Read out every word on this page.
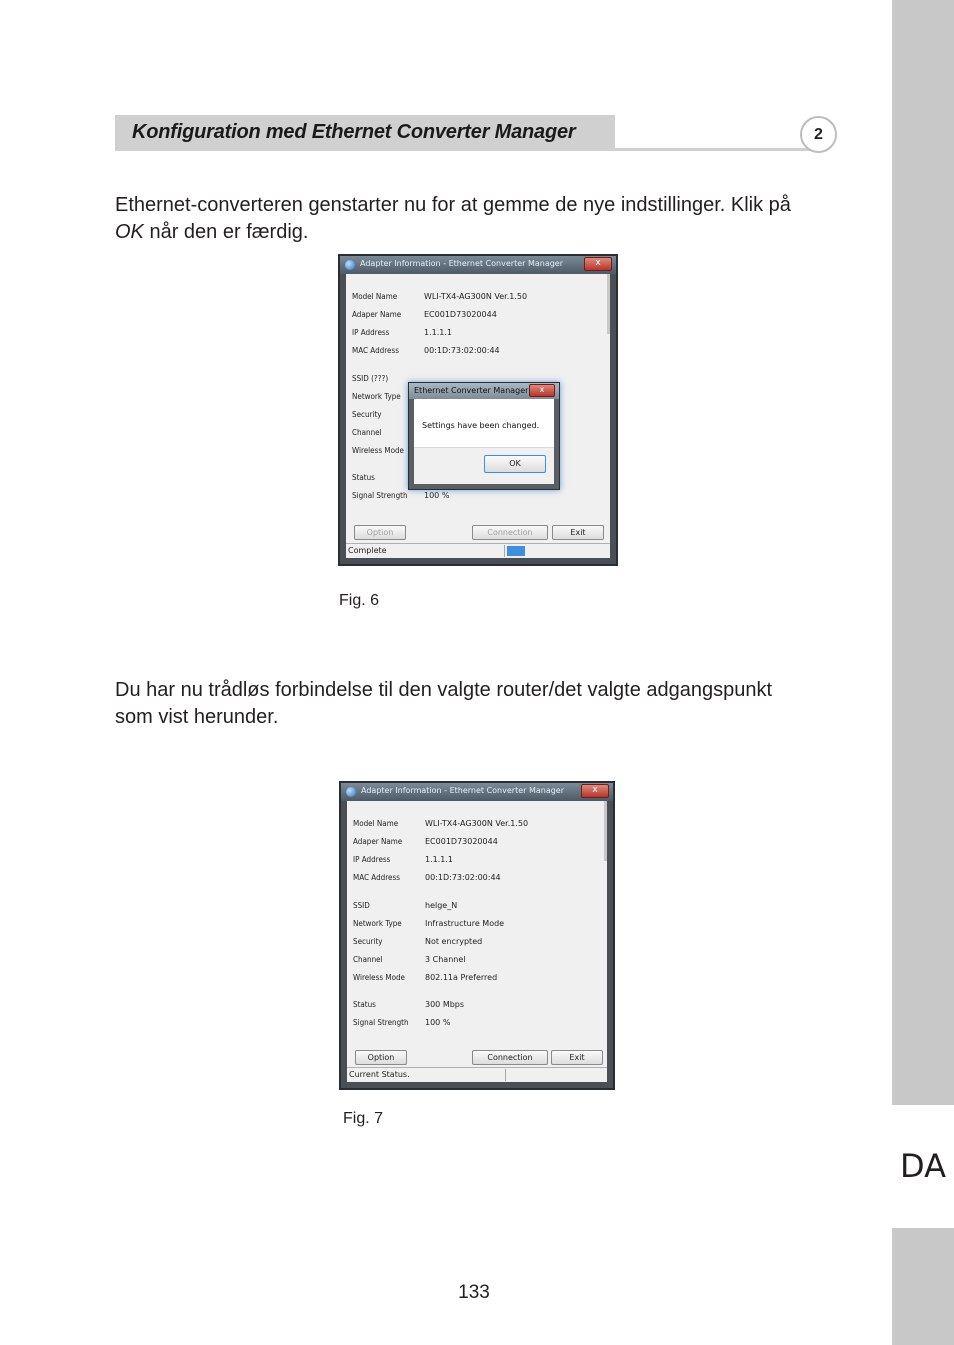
DA
Konfiguration med Ethernet Converter Manager	2
Ethernet-converteren genstarter nu for at gemme de nye indstillinger. Klik på
OK når den er færdig.
Adapter Information - Ethernet Converter Manager	x
Model Name	WLI-TX4-AG300N Ver.1.50
Adaper Name	EC001D73020044
IP Address	1.1.1.1
MAC Address	00:1D:73:02:00:44
SSID (???)
Network Type
Security
Channel
Wireless Mode
Status
Signal Strength 100 %
Option	Connection	Exit
Complete
Ethernet Converter Manager	x
Settings have been changed.
OK
Fig. 6
Du har nu trådløs forbindelse til den valgte router/det valgte adgangspunkt
som vist herunder.
Adapter Information - Ethernet Converter Manager	x
Model Name	WLI-TX4-AG300N Ver.1.50
Adaper Name	EC001D73020044
IP Address	1.1.1.1
MAC Address	00:1D:73:02:00:44
SSID	helge_N
Network Type	Infrastructure Mode
Security	Not encrypted
Channel	3 Channel
Wireless Mode	802.11a Preferred
Status	300 Mbps
Signal Strength 100 %
Option	Connection	Exit
Current Status.
Fig. 7
133
